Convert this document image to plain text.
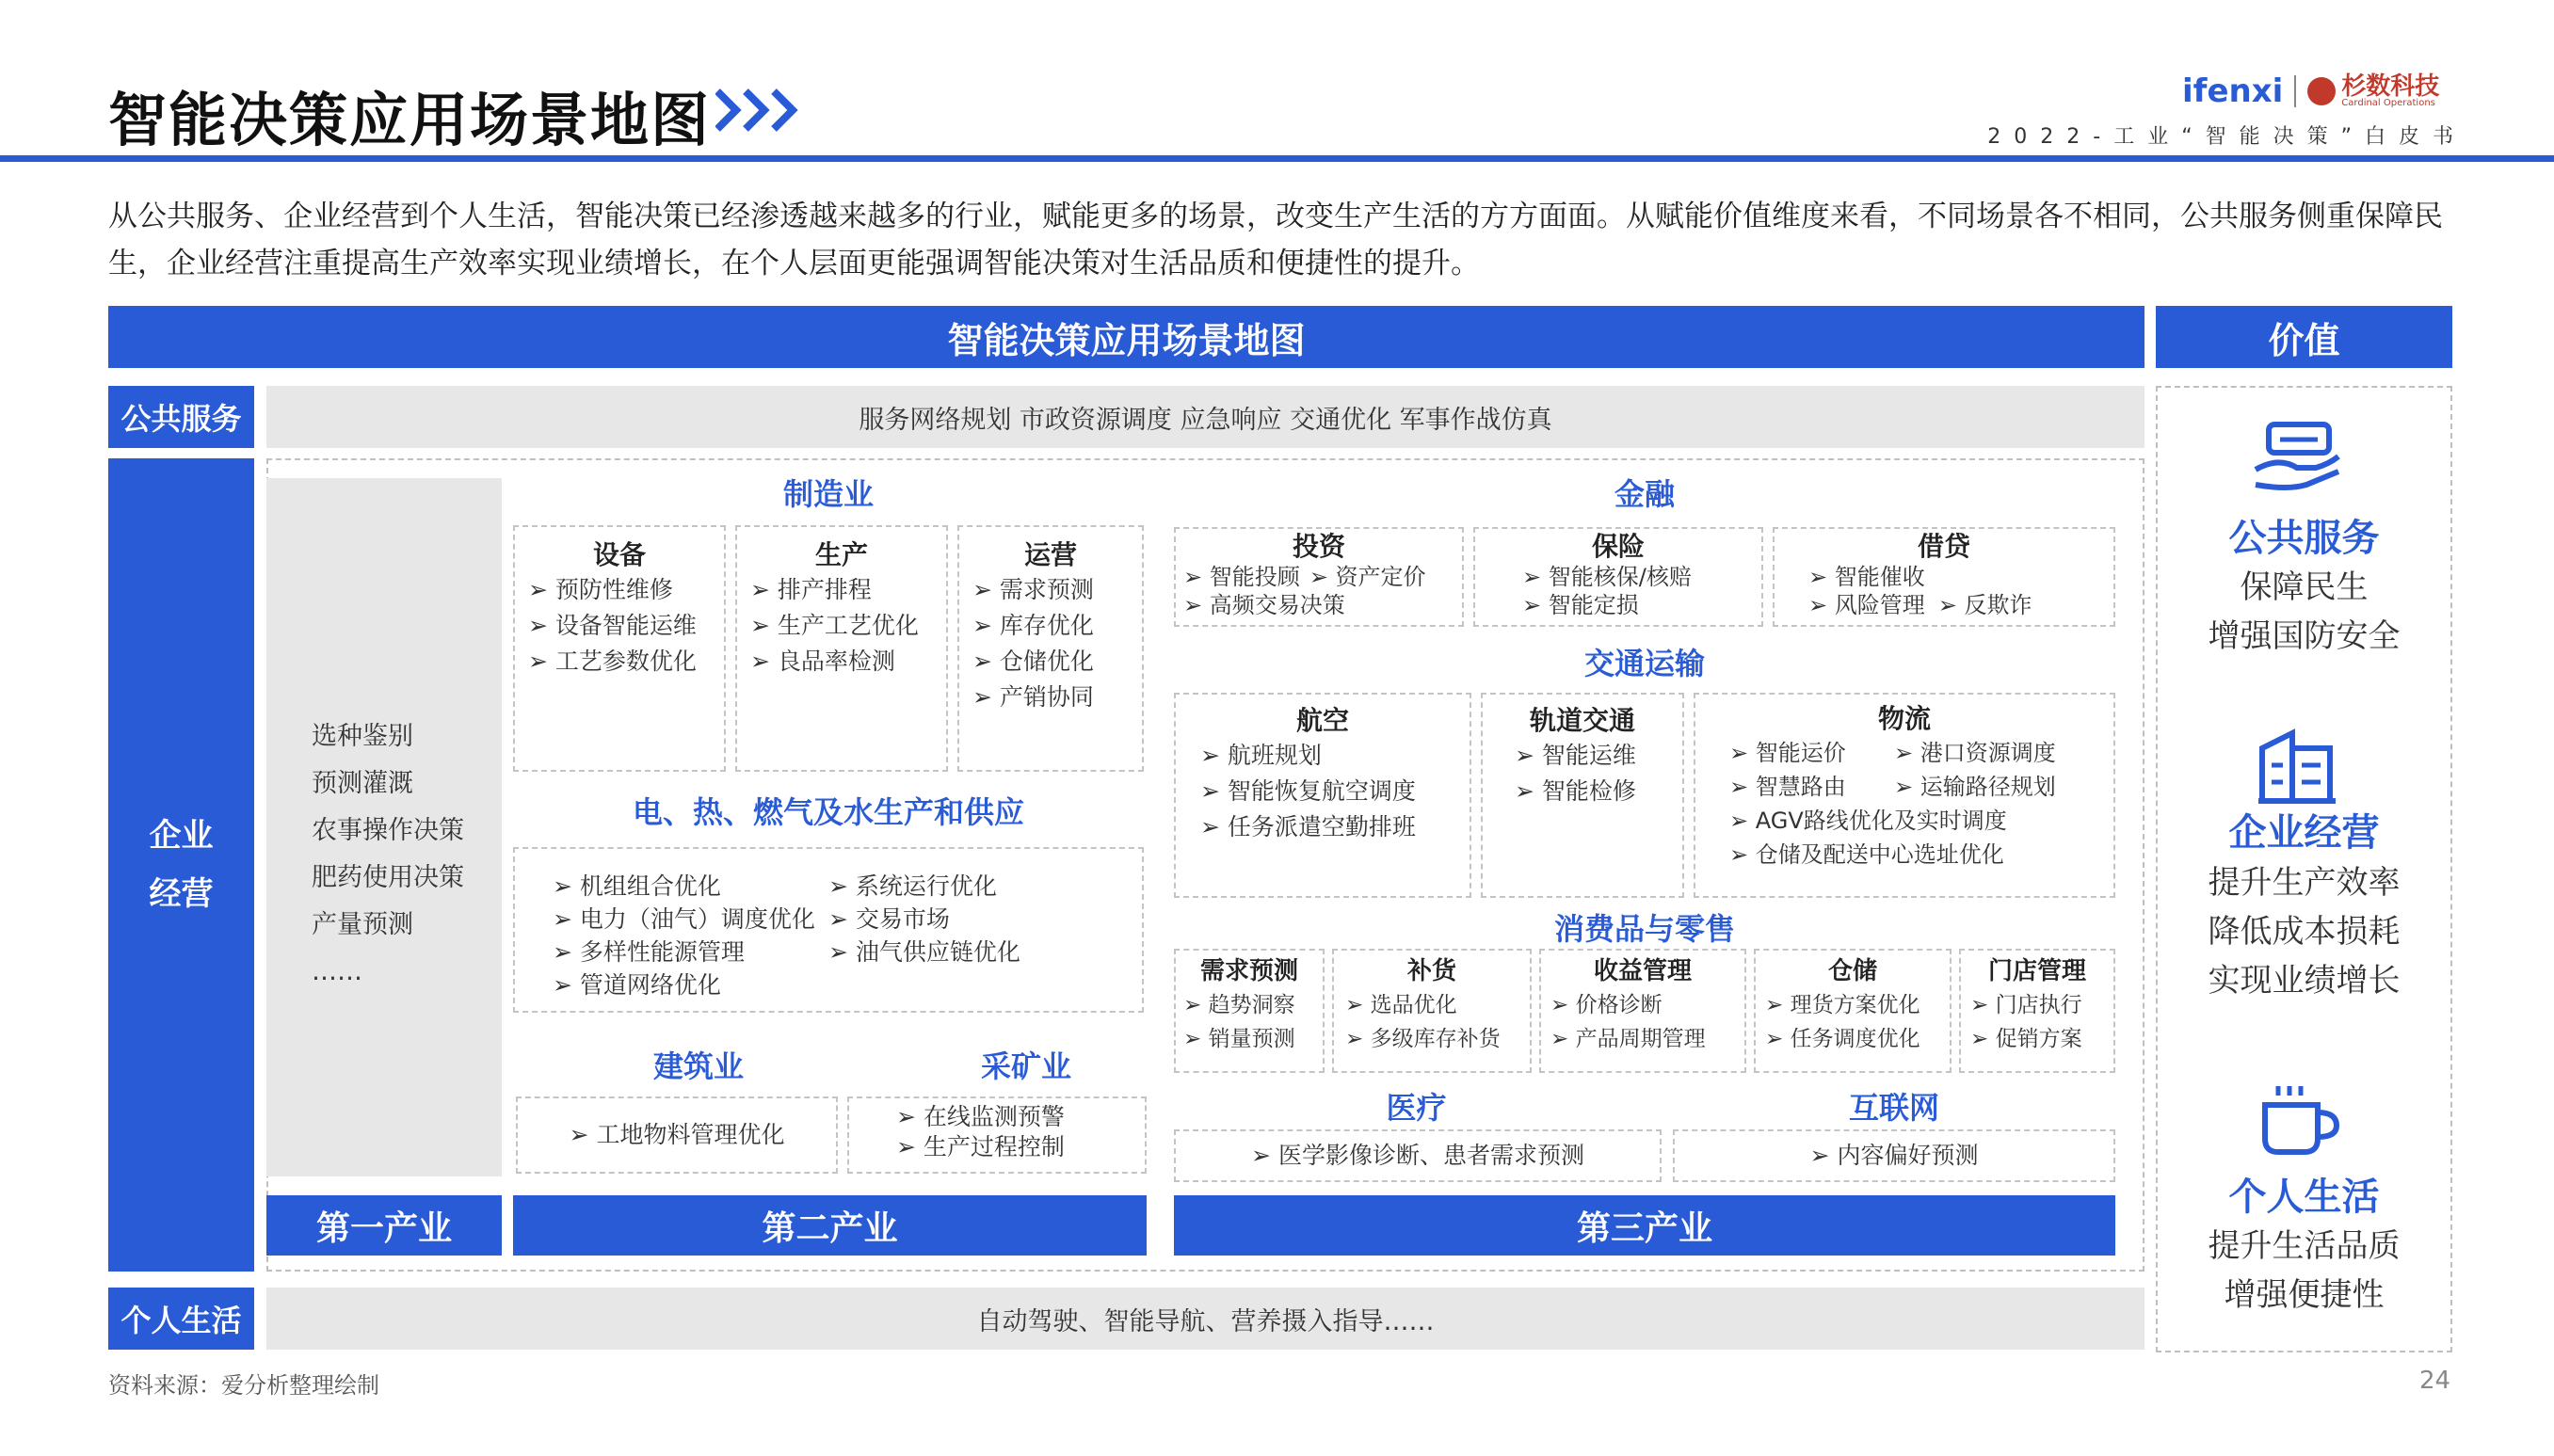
智能决策应用场景地图	ifenxi 杉数科技
Cardinal Operations
2022-工业“智能决策”白皮书
从公共服务、企业经营到个人生活，智能决策已经渗透越来越多的行业，赋能更多的场景，改变生产生活的方方面面。从赋能价值维度来看，不同场景各不相同，公共服务侧重保障民生，企业经营注重提高生产效率实现业绩增长，在个人层面更能强调智能决策对生活品质和便捷性的提升。
智能决策应用场景地图	价值
公共服务	服务网络规划 市政资源调度 应急响应 交通优化 军事作战仿真
企业
经营
选种鉴别
预测灌溉
农事操作决策
肥药使用决策
产量预测
……
第一产业
制造业
设备
➢ 预防性维修
➢ 设备智能运维
➢ 工艺参数优化
生产
➢ 排产排程
➢ 生产工艺优化
➢ 良品率检测
运营
➢ 需求预测
➢ 库存优化
➢ 仓储优化
➢ 产销协同
电、热、燃气及水生产和供应
➢ 机组组合优化	➢ 系统运行优化
➢ 电力（油气）调度优化	➢ 交易市场
➢ 多样性能源管理	➢ 油气供应链优化
➢ 管道网络优化
建筑业	采矿业
➢ 工地物料管理优化
➢ 在线监测预警
➢ 生产过程控制
第二产业
金融
投资
➢ 智能投顾	➢ 资产定价
➢ 高频交易决策
保险
➢ 智能核保/核赔
➢ 智能定损
借贷
➢ 智能催收
➢ 风险管理	➢ 反欺诈
交通运输
航空
➢ 航班规划
➢ 智能恢复航空调度
➢ 任务派遣空勤排班
轨道交通
➢ 智能运维
➢ 智能检修
物流
➢ 智能运价	➢ 港口资源调度
➢ 智慧路由	➢ 运输路径规划
➢ AGV路线优化及实时调度
➢ 仓储及配送中心选址优化
消费品与零售
需求预测
➢ 趋势洞察
➢ 销量预测
补货
➢ 选品优化
➢ 多级库存补货
收益管理
➢ 价格诊断
➢ 产品周期管理
仓储
➢ 理货方案优化
➢ 任务调度优化
门店管理
➢ 门店执行
➢ 促销方案
医疗	互联网
➢ 医学影像诊断、患者需求预测	➢ 内容偏好预测
第三产业
个人生活	自动驾驶、智能导航、营养摄入指导……
公共服务
保障民生
增强国防安全
企业经营
提升生产效率
降低成本损耗
实现业绩增长
个人生活
提升生活品质
增强便捷性
资料来源：爱分析整理绘制	24
